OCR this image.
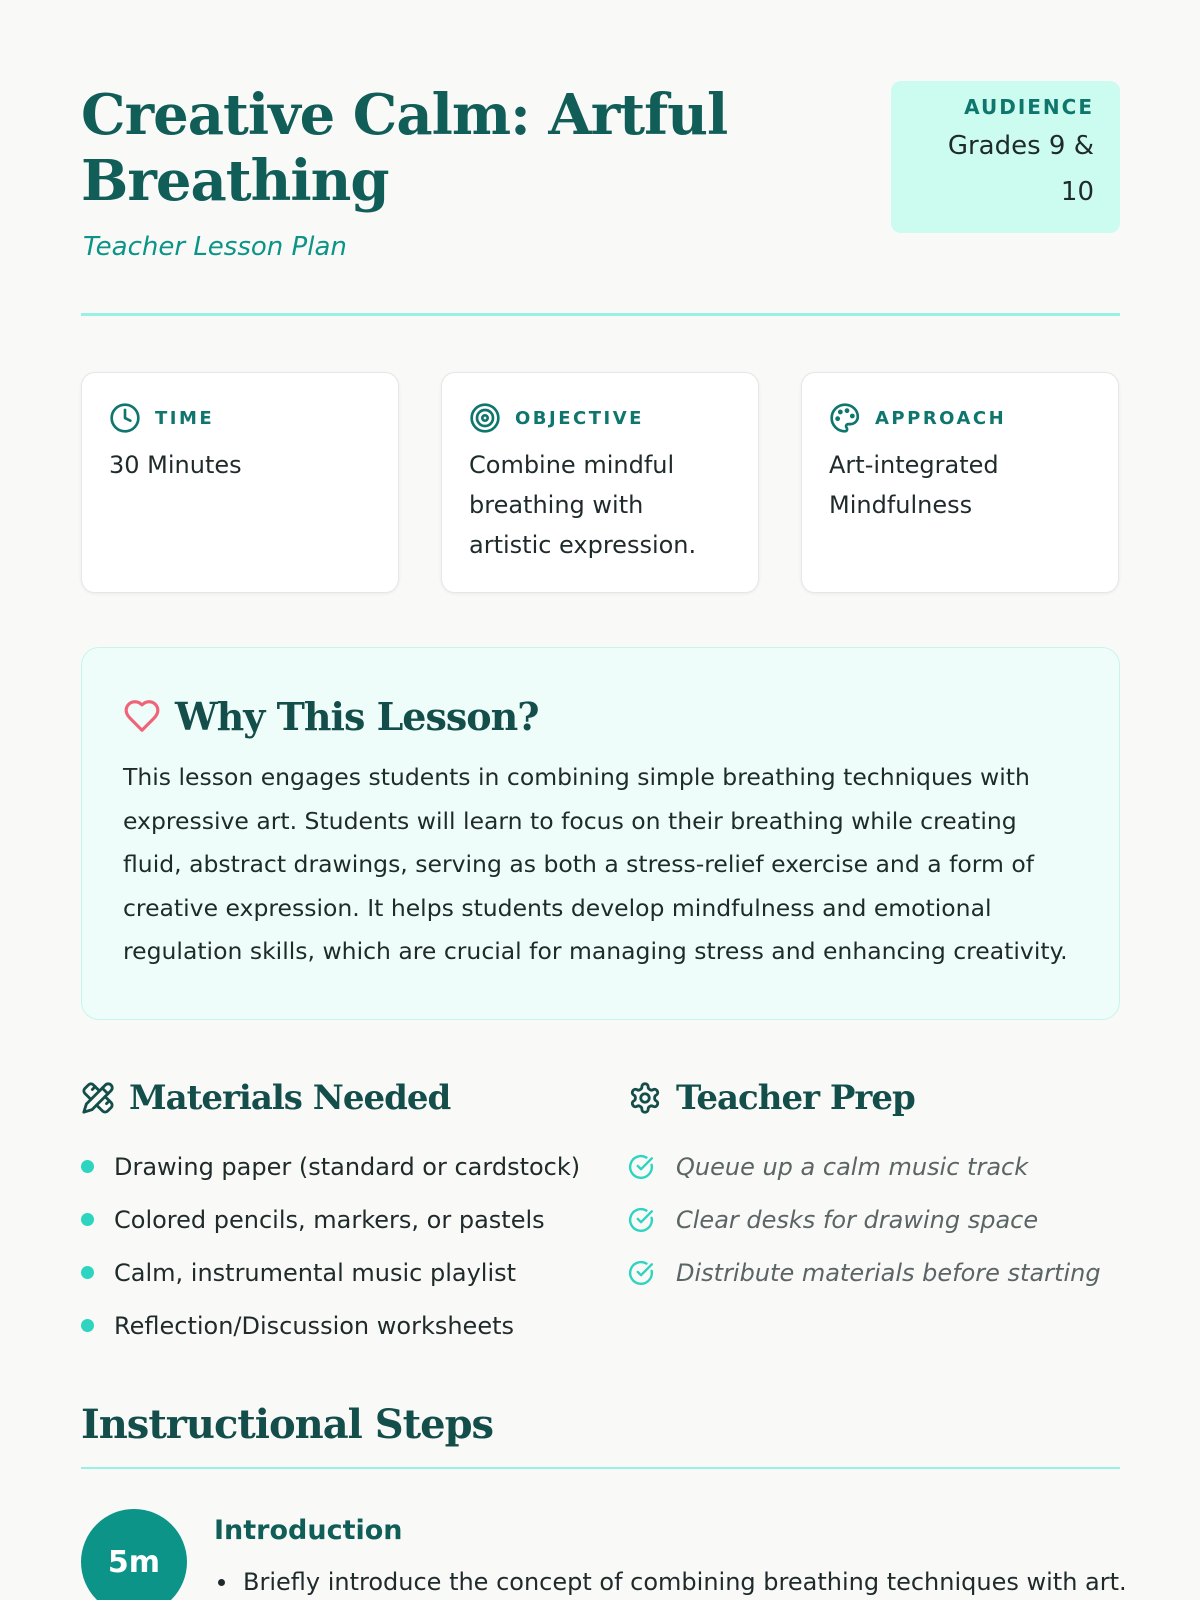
Creative Calm: Artful Breathing
Teacher Lesson Plan
AUDIENCE
Grades 9 &
10
TIME
30 Minutes
OBJECTIVE
Combine mindful breathing with artistic expression.
APPROACH
Art-integrated Mindfulness
Why This Lesson?

This lesson engages students in combining simple breathing techniques with expressive art. Students will learn to focus on their breathing while creating fluid, abstract drawings, serving as both a stress-relief exercise and a form of creative expression. It helps students develop mindfulness and emotional regulation skills, which are crucial for managing stress and enhancing creativity.

Materials Needed
Drawing paper (standard or cardstock)
Colored pencils, markers, or pastels
Calm, instrumental music playlist
Reflection/Discussion worksheets
Teacher Prep
Queue up a calm music track
Clear desks for drawing space
Distribute materials before starting
Instructional Steps
5m
Introduction
Briefly introduce the concept of combining breathing techniques with art.
